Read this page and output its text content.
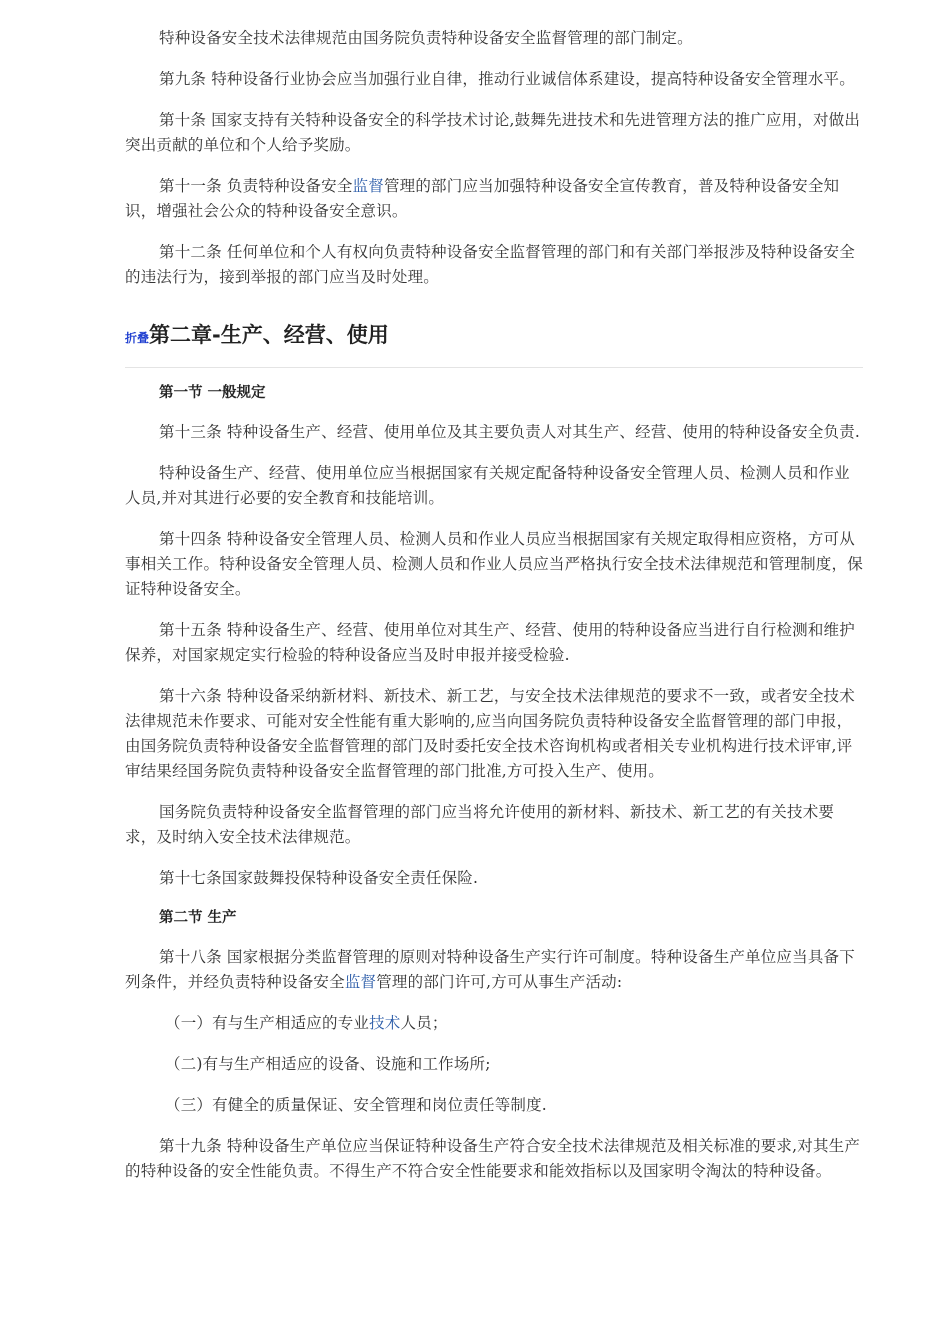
特种设备安全技术法律规范由国务院负责特种设备安全监督管理的部门制定。

第九条 特种设备行业协会应当加强行业自律，推动行业诚信体系建设，提高特种设备安全管理水平。

第十条 国家支持有关特种设备安全的科学技术讨论,鼓舞先进技术和先进管理方法的推广应用，对做出突出贡献的单位和个人给予奖励。

第十一条 负责特种设备安全监督管理的部门应当加强特种设备安全宣传教育，普及特种设备安全知识，增强社会公众的特种设备安全意识。

第十二条 任何单位和个人有权向负责特种设备安全监督管理的部门和有关部门举报涉及特种设备安全的违法行为，接到举报的部门应当及时处理。

折叠第二章-生产、经营、使用
第一节 一般规定

第十三条 特种设备生产、经营、使用单位及其主要负责人对其生产、经营、使用的特种设备安全负责.

特种设备生产、经营、使用单位应当根据国家有关规定配备特种设备安全管理人员、检测人员和作业人员,并对其进行必要的安全教育和技能培训。

第十四条 特种设备安全管理人员、检测人员和作业人员应当根据国家有关规定取得相应资格，方可从事相关工作。特种设备安全管理人员、检测人员和作业人员应当严格执行安全技术法律规范和管理制度，保证特种设备安全。

第十五条 特种设备生产、经营、使用单位对其生产、经营、使用的特种设备应当进行自行检测和维护保养，对国家规定实行检验的特种设备应当及时申报并接受检验.

第十六条 特种设备采纳新材料、新技术、新工艺，与安全技术法律规范的要求不一致，或者安全技术法律规范未作要求、可能对安全性能有重大影响的,应当向国务院负责特种设备安全监督管理的部门申报，由国务院负责特种设备安全监督管理的部门及时委托安全技术咨询机构或者相关专业机构进行技术评审,评审结果经国务院负责特种设备安全监督管理的部门批准,方可投入生产、使用。

国务院负责特种设备安全监督管理的部门应当将允许使用的新材料、新技术、新工艺的有关技术要求，及时纳入安全技术法律规范。

第十七条国家鼓舞投保特种设备安全责任保险.

第二节 生产

第十八条 国家根据分类监督管理的原则对特种设备生产实行许可制度。特种设备生产单位应当具备下列条件，并经负责特种设备安全监督管理的部门许可,方可从事生产活动:

（一）有与生产相适应的专业技术人员；

（二)有与生产相适应的设备、设施和工作场所;

（三）有健全的质量保证、安全管理和岗位责任等制度.

第十九条 特种设备生产单位应当保证特种设备生产符合安全技术法律规范及相关标准的要求,对其生产的特种设备的安全性能负责。不得生产不符合安全性能要求和能效指标以及国家明令淘汰的特种设备。
